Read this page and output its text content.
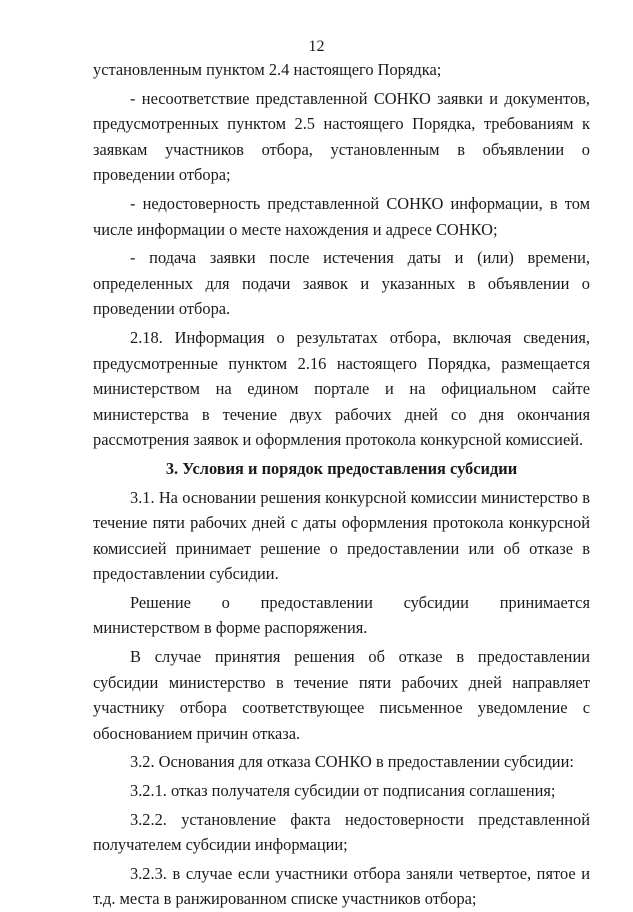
12

установленным пунктом 2.4 настоящего Порядка;

- несоответствие представленной СОНКО заявки и документов, предусмотренных пунктом 2.5 настоящего Порядка, требованиям к заявкам участников отбора, установленным в объявлении о проведении отбора;

- недостоверность представленной СОНКО информации, в том числе информации о месте нахождения и адресе СОНКО;

- подача заявки после истечения даты и (или) времени, определенных для подачи заявок и указанных в объявлении о проведении отбора.

2.18. Информация о результатах отбора, включая сведения, предусмотренные пунктом 2.16 настоящего Порядка, размещается министерством на едином портале и на официальном сайте министерства в течение двух рабочих дней со дня окончания рассмотрения заявок и оформления протокола конкурсной комиссией.

3. Условия и порядок предоставления субсидии

3.1. На основании решения конкурсной комиссии министерство в течение пяти рабочих дней с даты оформления протокола конкурсной комиссией принимает решение о предоставлении или об отказе в предоставлении субсидии.

Решение о предоставлении субсидии принимается министерством в форме распоряжения.

В случае принятия решения об отказе в предоставлении субсидии министерство в течение пяти рабочих дней направляет участнику отбора соответствующее письменное уведомление с обоснованием причин отказа.

3.2. Основания для отказа СОНКО в предоставлении субсидии:

3.2.1. отказ получателя субсидии от подписания соглашения;

3.2.2. установление факта недостоверности представленной получателем субсидии информации;

3.2.3. в случае если участники отбора заняли четвертое, пятое и т.д. места в ранжированном списке участников отбора;
